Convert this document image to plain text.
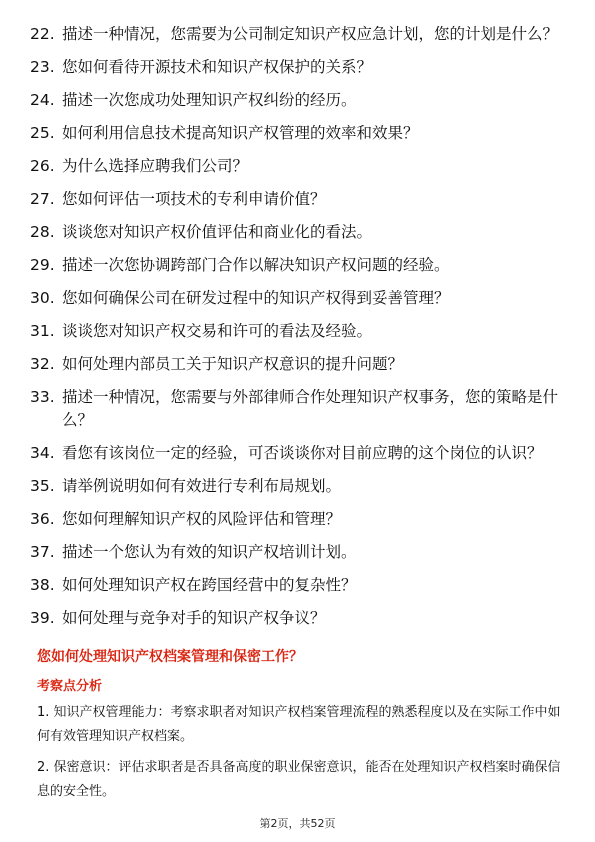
22. 描述一种情况，您需要为公司制定知识产权应急计划，您的计划是什么？
23. 您如何看待开源技术和知识产权保护的关系？
24. 描述一次您成功处理知识产权纠纷的经历。
25. 如何利用信息技术提高知识产权管理的效率和效果？
26. 为什么选择应聘我们公司？
27. 您如何评估一项技术的专利申请价值？
28. 谈谈您对知识产权价值评估和商业化的看法。
29. 描述一次您协调跨部门合作以解决知识产权问题的经验。
30. 您如何确保公司在研发过程中的知识产权得到妥善管理？
31. 谈谈您对知识产权交易和许可的看法及经验。
32. 如何处理内部员工关于知识产权意识的提升问题？
33. 描述一种情况，您需要与外部律师合作处理知识产权事务，您的策略是什么？
34. 看您有该岗位一定的经验，可否谈谈你对目前应聘的这个岗位的认识？
35. 请举例说明如何有效进行专利布局规划。
36. 您如何理解知识产权的风险评估和管理？
37. 描述一个您认为有效的知识产权培训计划。
38. 如何处理知识产权在跨国经营中的复杂性？
39. 如何处理与竞争对手的知识产权争议？
您如何处理知识产权档案管理和保密工作？
考察点分析

1. 知识产权管理能力：考察求职者对知识产权档案管理流程的熟悉程度以及在实际工作中如何有效管理知识产权档案。

2. 保密意识：评估求职者是否具备高度的职业保密意识，能否在处理知识产权档案时确保信息的安全性。

第2页，共52页
